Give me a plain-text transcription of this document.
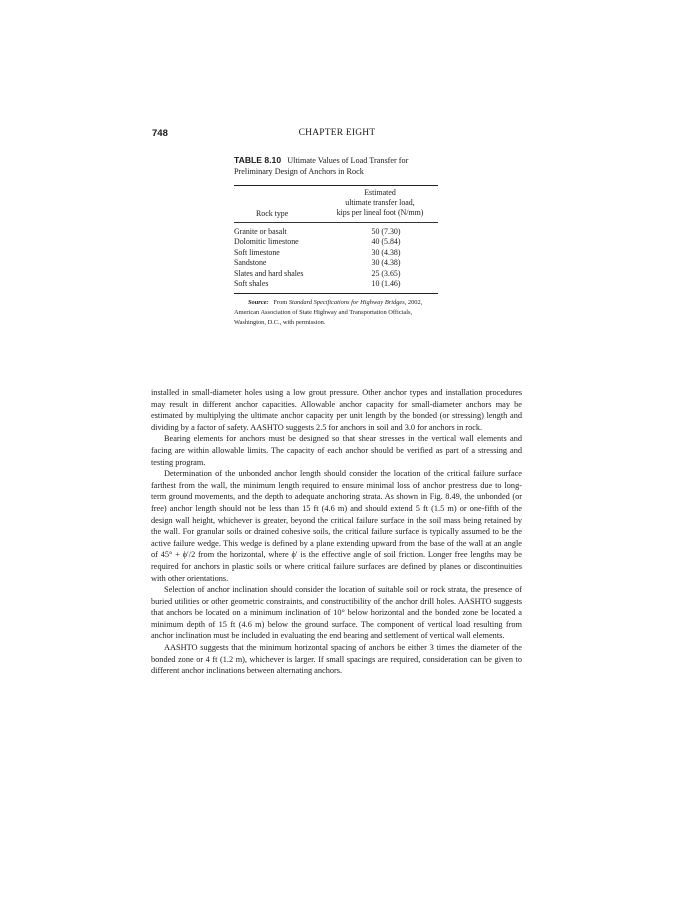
748	CHAPTER EIGHT
TABLE 8.10 Ultimate Values of Load Transfer for Preliminary Design of Anchors in Rock
Rock type
Estimated
ultimate transfer load,
kips per lineal foot (N/mm)
Granite or basalt	50 (7.30)
Dolomitic limestone	40 (5.84)
Soft limestone	30 (4.38)
Sandstone	30 (4.38)
Slates and hard shales	25 (3.65)
Soft shales	10 (1.46)
Source: From Standard Specifications for Highway Bridges, 2002, American Association of State Highway and Transportation Officials, Washington, D.C., with permission.

installed in small-diameter holes using a low grout pressure. Other anchor types and installation procedures may result in different anchor capacities. Allowable anchor capacity for small-diameter anchors may be estimated by multiplying the ultimate anchor capacity per unit length by the bonded (or stressing) length and dividing by a factor of safety. AASHTO suggests 2.5 for anchors in soil and 3.0 for anchors in rock.

Bearing elements for anchors must be designed so that shear stresses in the vertical wall elements and facing are within allowable limits. The capacity of each anchor should be verified as part of a stressing and testing program.

Determination of the unbonded anchor length should consider the location of the critical failure surface farthest from the wall, the minimum length required to ensure minimal loss of anchor prestress due to long-term ground movements, and the depth to adequate anchoring strata. As shown in Fig. 8.49, the unbonded (or free) anchor length should not be less than 15 ft (4.6 m) and should extend 5 ft (1.5 m) or one-fifth of the design wall height, whichever is greater, beyond the critical failure surface in the soil mass being retained by the wall. For granular soils or drained cohesive soils, the critical failure surface is typically assumed to be the active failure wedge. This wedge is defined by a plane extending upward from the base of the wall at an angle of 45° + ϕ′/2 from the horizontal, where ϕ′ is the effective angle of soil friction. Longer free lengths may be required for anchors in plastic soils or where critical failure surfaces are defined by planes or discontinuities with other orientations.

Selection of anchor inclination should consider the location of suitable soil or rock strata, the presence of buried utilities or other geometric constraints, and constructibility of the anchor drill holes. AASHTO suggests that anchors be located on a minimum inclination of 10° below horizontal and the bonded zone be located a minimum depth of 15 ft (4.6 m) below the ground surface. The component of vertical load resulting from anchor inclination must be included in evaluating the end bearing and settlement of vertical wall elements.

AASHTO suggests that the minimum horizontal spacing of anchors be either 3 times the diameter of the bonded zone or 4 ft (1.2 m), whichever is larger. If small spacings are required, consideration can be given to different anchor inclinations between alternating anchors.
